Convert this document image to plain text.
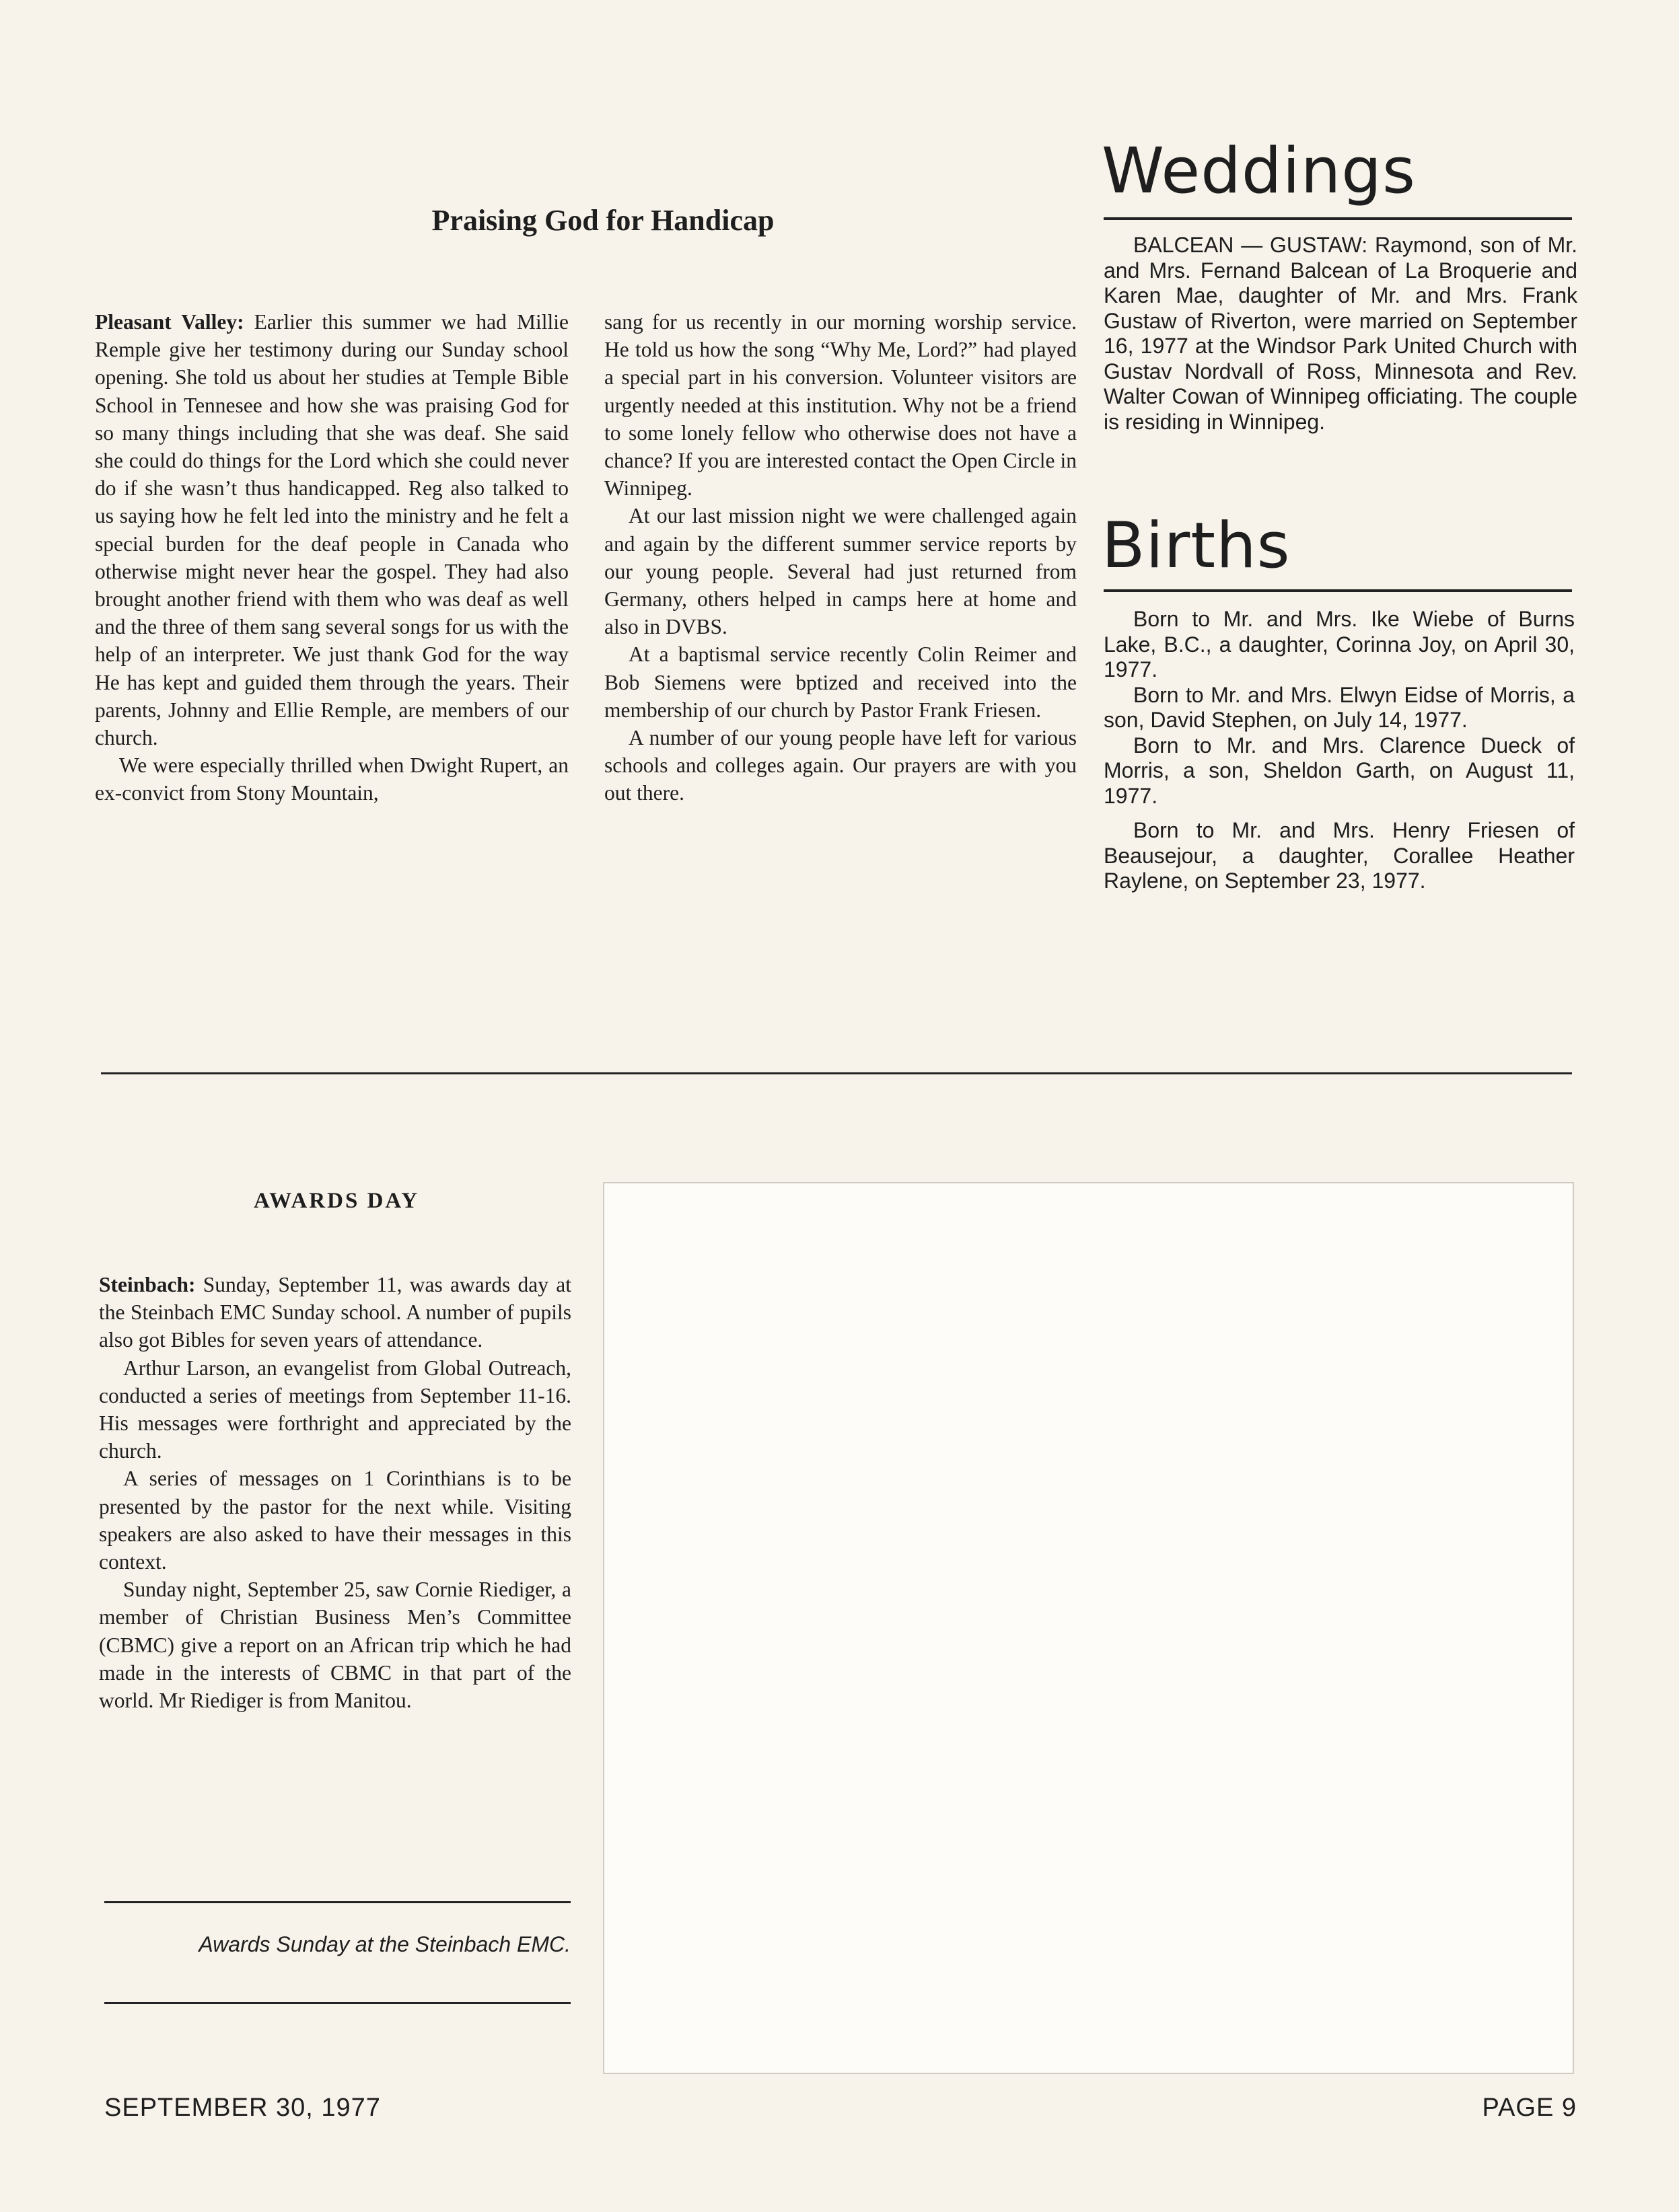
Praising God for Handicap

Pleasant Valley: Earlier this summer we had Millie Remple give her testimony during our Sunday school opening. She told us about her studies at Temple Bible School in Tennesee and how she was praising God for so many things including that she was deaf. She said she could do things for the Lord which she could never do if she wasn’t thus handicapped. Reg also talked to us saying how he felt led into the ministry and he felt a special burden for the deaf people in Canada who otherwise might never hear the gospel. They had also brought another friend with them who was deaf as well and the three of them sang several songs for us with the help of an interpreter. We just thank God for the way He has kept and guided them through the years. Their parents, Johnny and Ellie Remple, are members of our church.

We were especially thrilled when Dwight Rupert, an ex-convict from Stony Mountain,

sang for us recently in our morning worship service. He told us how the song “Why Me, Lord?” had played a special part in his conversion. Volunteer visitors are urgently needed at this institution. Why not be a friend to some lonely fellow who otherwise does not have a chance? If you are interested contact the Open Circle in Winnipeg.

At our last mission night we were challenged again and again by the different summer service reports by our young people. Several had just returned from Germany, others helped in camps here at home and also in DVBS.

At a baptismal service recently Colin Reimer and Bob Siemens were bptized and received into the membership of our church by Pastor Frank Friesen.

A number of our young people have left for various schools and colleges again. Our prayers are with you out there.

Weddings

BALCEAN — GUSTAW: Raymond, son of Mr. and Mrs. Fernand Balcean of La Broquerie and Karen Mae, daughter of Mr. and Mrs. Frank Gustaw of Riverton, were married on September 16, 1977 at the Windsor Park United Church with Gustav Nordvall of Ross, Minnesota and Rev. Walter Cowan of Winnipeg officiating. The couple is residing in Winnipeg.

Births

Born to Mr. and Mrs. Ike Wiebe of Burns Lake, B.C., a daughter, Corinna Joy, on April 30, 1977.

Born to Mr. and Mrs. Elwyn Eidse of Morris, a son, David Stephen, on July 14, 1977.

Born to Mr. and Mrs. Clarence Dueck of Morris, a son, Sheldon Garth, on August 11, 1977.

Born to Mr. and Mrs. Henry Friesen of Beausejour, a daughter, Corallee Heather Raylene, on September 23, 1977.

AWARDS DAY

Steinbach: Sunday, September 11, was awards day at the Steinbach EMC Sunday school. A number of pupils also got Bibles for seven years of attendance.

Arthur Larson, an evangelist from Global Outreach, conducted a series of meetings from September 11-16. His messages were forthright and appreciated by the church.

A series of messages on 1 Corinthians is to be presented by the pastor for the next while. Visiting speakers are also asked to have their messages in this context.

Sunday night, September 25, saw Cornie Riediger, a member of Christian Business Men’s Committee (CBMC) give a report on an African trip which he had made in the interests of CBMC in that part of the world. Mr Riediger is from Manitou.

Awards Sunday at the Steinbach EMC.
SEPTEMBER 30, 1977	PAGE 9
